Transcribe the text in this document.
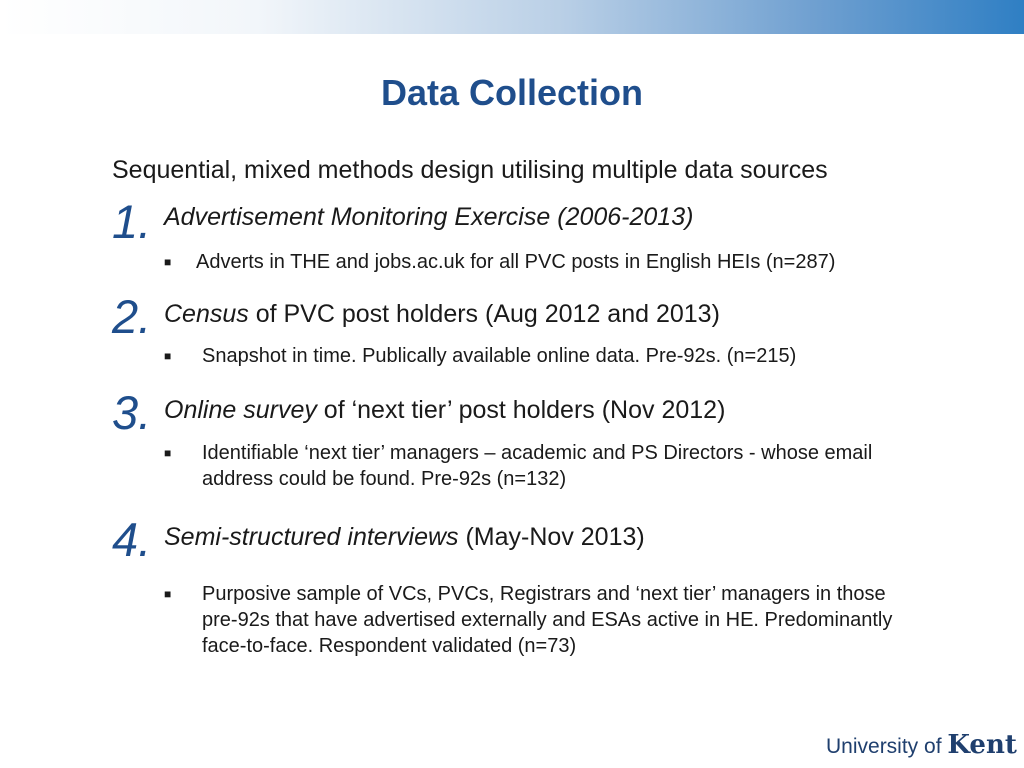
Data Collection
Sequential, mixed methods design utilising multiple data sources
1. Advertisement Monitoring Exercise (2006-2013)
■	Adverts in THE and jobs.ac.uk for all PVC posts in English HEIs (n=287)
2. Census of PVC post holders (Aug 2012 and 2013)
■	Snapshot in time. Publically available online data. Pre-92s. (n=215)
3. Online survey of ‘next tier’ post holders (Nov 2012)
■	Identifiable ‘next tier’ managers – academic and PS Directors - whose email address could be found. Pre-92s (n=132)
4. Semi-structured interviews (May-Nov 2013)
■	Purposive sample of VCs, PVCs, Registrars and ‘next tier’ managers in those pre-92s that have advertised externally and ESAs active in HE. Predominantly face-to-face. Respondent validated (n=73)
University of Kent
